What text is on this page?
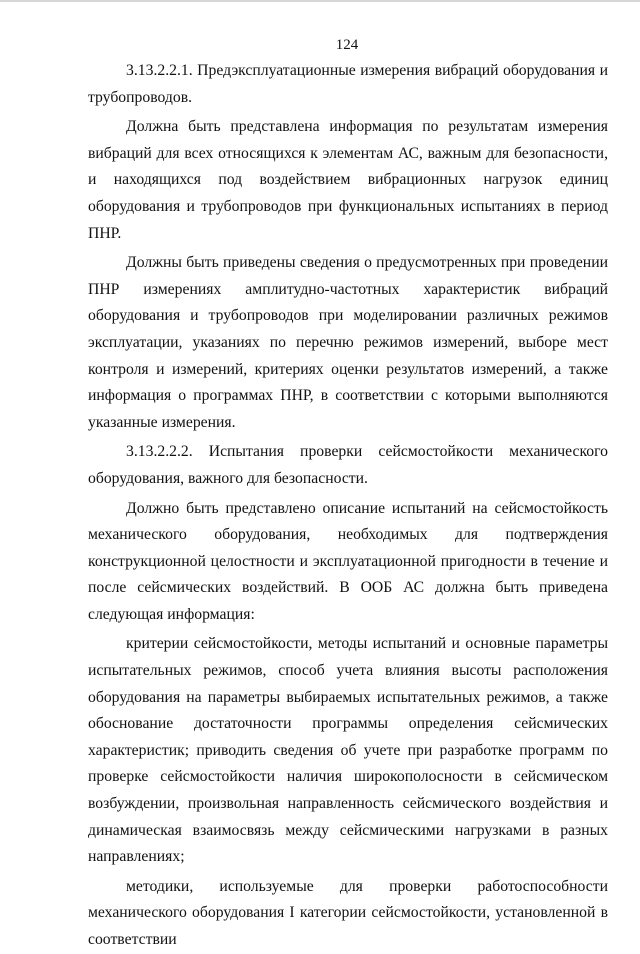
124

3.13.2.2.1. Предэксплуатационные измерения вибраций оборудования и трубопроводов.

Должна быть представлена информация по результатам измерения вибраций для всех относящихся к элементам АС, важным для безопасности, и находящихся под воздействием вибрационных нагрузок единиц оборудования и трубопроводов при функциональных испытаниях в период ПНР.

Должны быть приведены сведения о предусмотренных при проведении ПНР измерениях амплитудно-частотных характеристик вибраций оборудования и трубопроводов при моделировании различных режимов эксплуатации, указаниях по перечню режимов измерений, выборе мест контроля и измерений, критериях оценки результатов измерений, а также информация о программах ПНР, в соответствии с которыми выполняются указанные измерения.

3.13.2.2.2. Испытания проверки сейсмостойкости механического оборудования, важного для безопасности.

Должно быть представлено описание испытаний на сейсмостойкость механического оборудования, необходимых для подтверждения конструкционной целостности и эксплуатационной пригодности в течение и после сейсмических воздействий. В ООБ АС должна быть приведена следующая информация:

критерии сейсмостойкости, методы испытаний и основные параметры испытательных режимов, способ учета влияния высоты расположения оборудования на параметры выбираемых испытательных режимов, а также обоснование достаточности программы определения сейсмических характеристик; приводить сведения об учете при разработке программ по проверке сейсмостойкости наличия широкополосности в сейсмическом возбуждении, произвольная направленность сейсмического воздействия и динамическая взаимосвязь между сейсмическими нагрузками в разных направлениях;

методики, используемые для проверки работоспособности механического оборудования I категории сейсмостойкости, установленной в соответствии
